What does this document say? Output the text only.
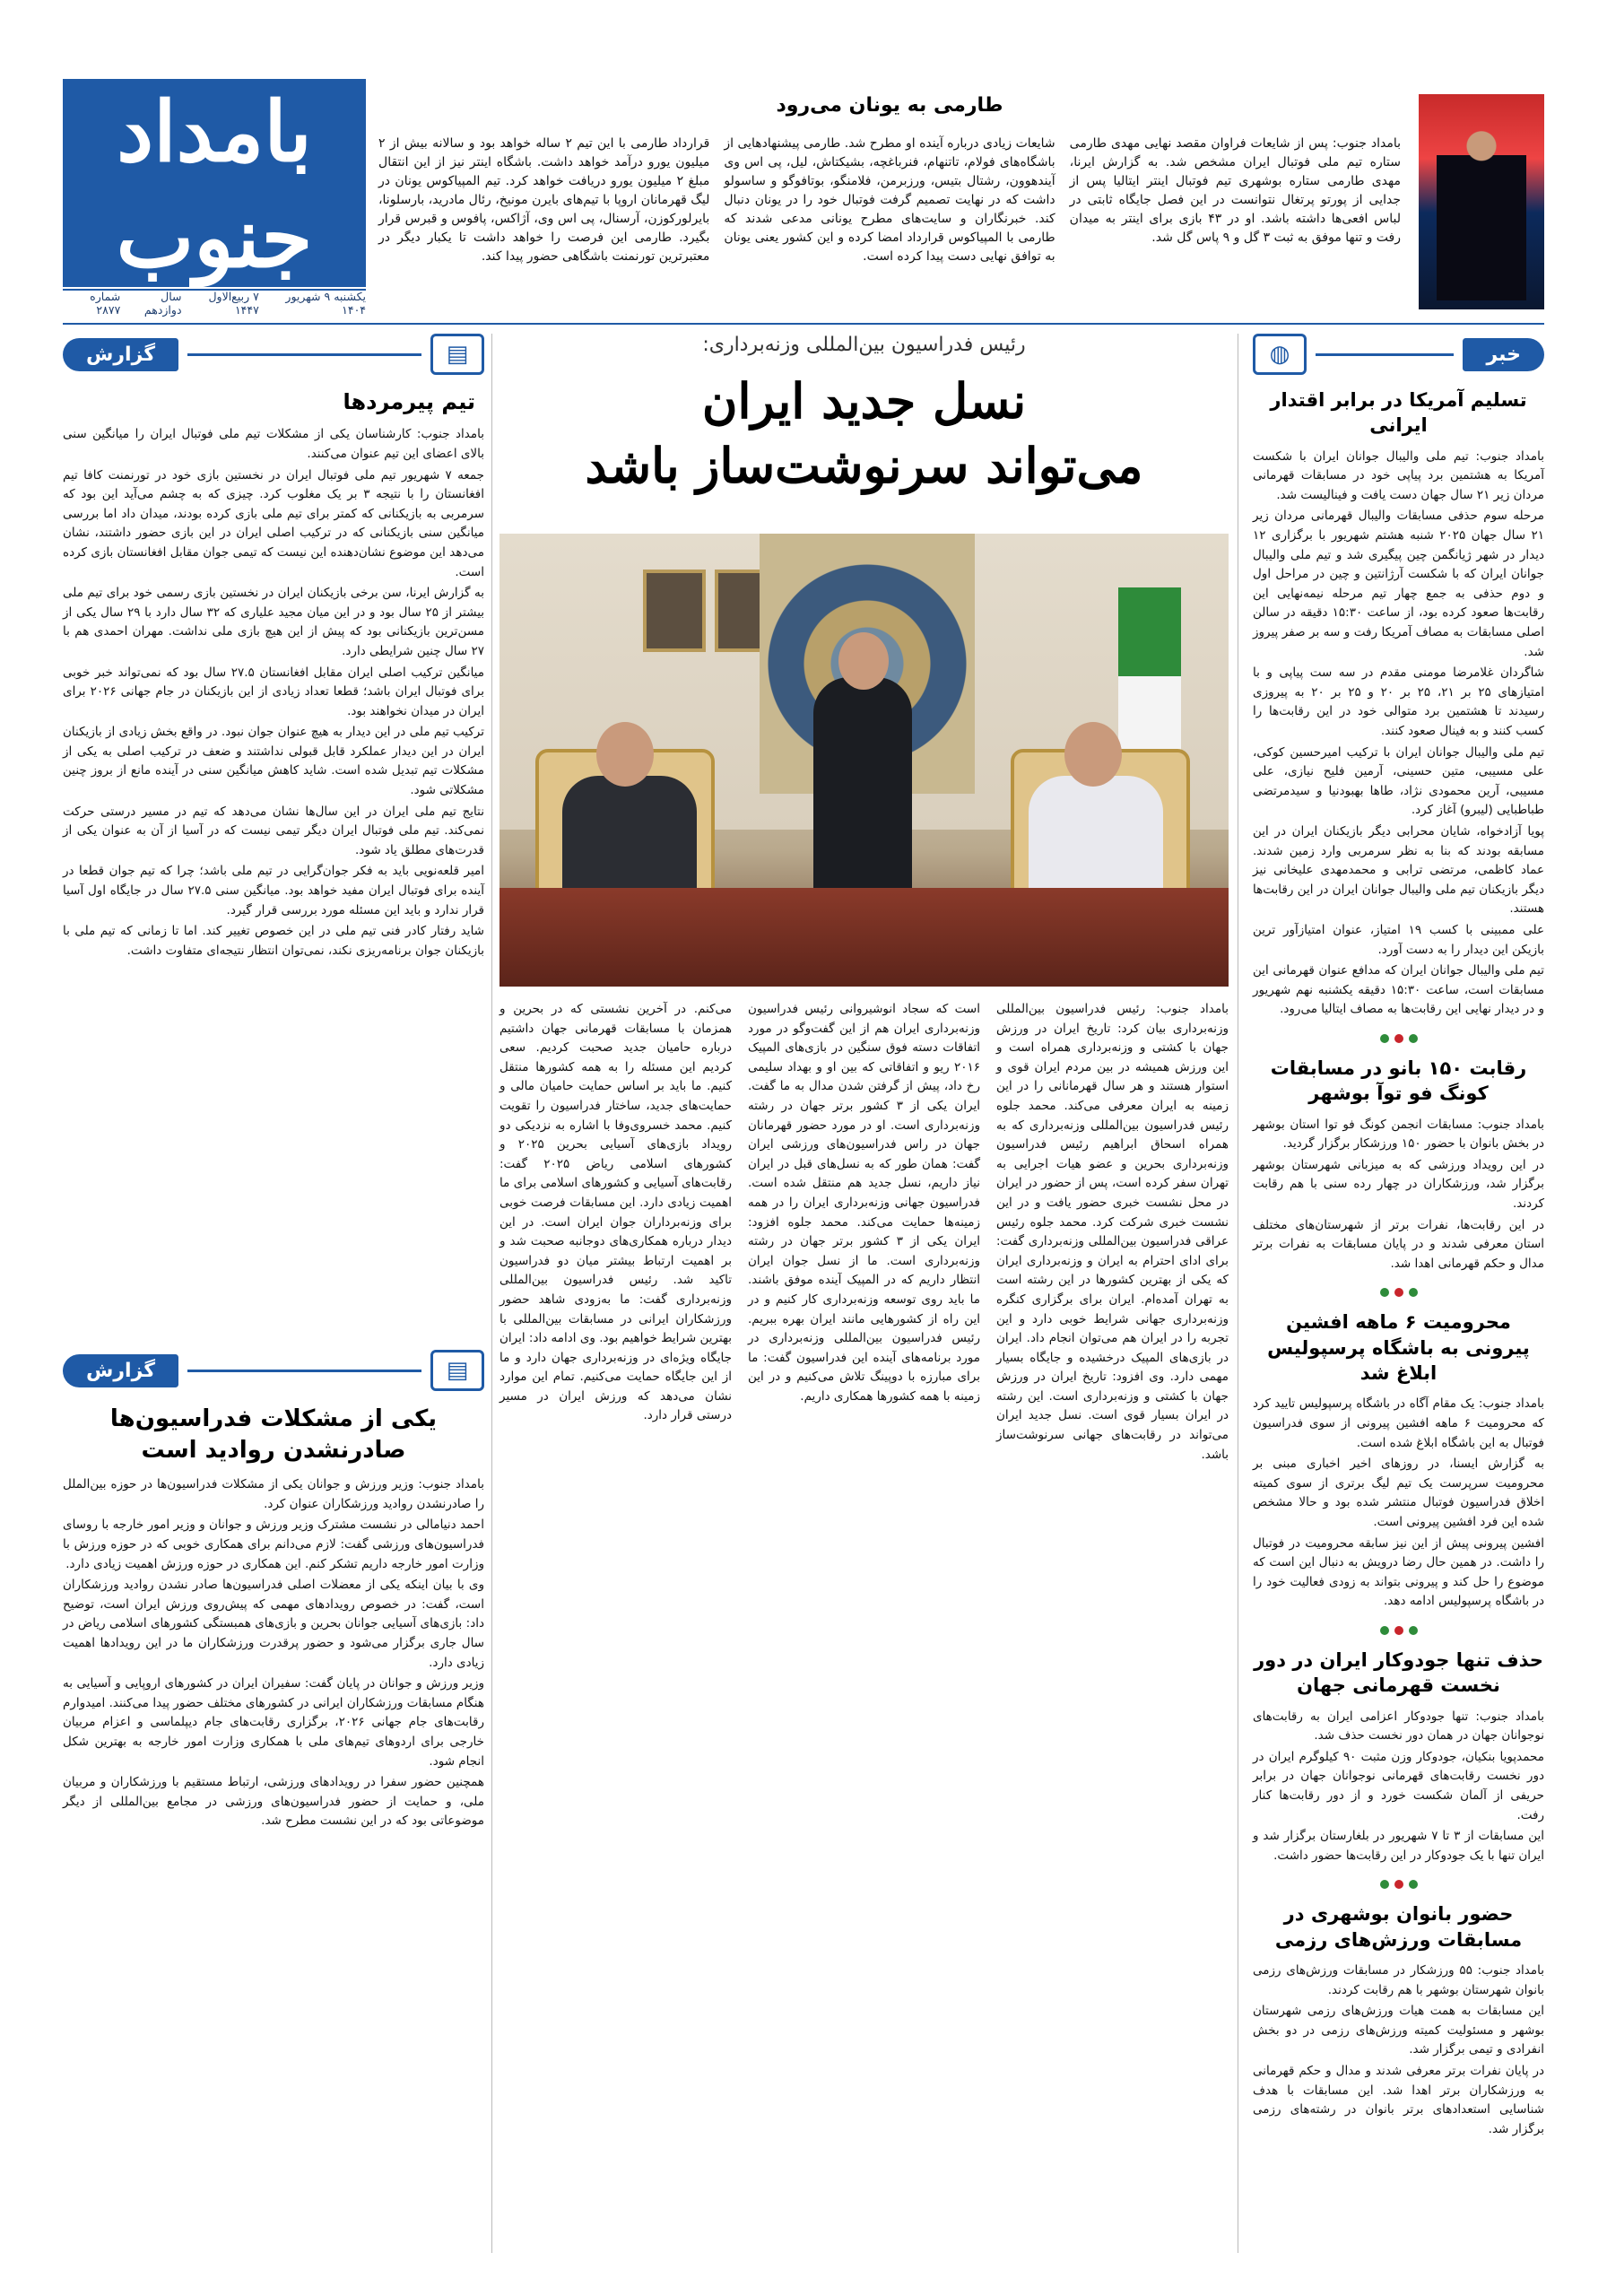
بامداد جنوب
یکشنبه ۹ شهریور ۱۴۰۴
۷ ربیع‌الاول ۱۴۴۷
سال دوازدهم
شماره ۲۸۷۷
طارمی به یونان می‌رود

بامداد جنوب: پس از شایعات فراوان مقصد نهایی مهدی طارمی ستاره تیم ملی فوتبال ایران مشخص شد. به گزارش ایرنا، مهدی طارمی ستاره بوشهری تیم فوتبال اینتر ایتالیا پس از جدایی از پورتو پرتغال نتوانست در این فصل جایگاه ثابتی در لباس افعی‌ها داشته باشد. او در ۴۳ بازی برای اینتر به میدان رفت و تنها موفق به ثبت ۳ گل و ۹ پاس گل شد.

شایعات زیادی درباره آینده او مطرح شد. طارمی پیشنهادهایی از باشگاه‌های فولام، تاتنهام، فنرباغچه، بشیکتاش، لیل، پی اس وی آیندهوون، رشتال بتیس، ورزبرمن، فلامنگو، بوتافوگو و ساسولو داشت که در نهایت تصمیم گرفت فوتبال خود را در یونان دنبال کند. خبرنگاران و سایت‌های مطرح یونانی مدعی شدند که طارمی با المپیاکوس قرارداد امضا کرده و این کشور یعنی یونان به توافق نهایی دست پیدا کرده است.

قرارداد طارمی با این تیم ۲ ساله خواهد بود و سالانه بیش از ۲ میلیون یورو درآمد خواهد داشت. باشگاه اینتر نیز از این انتقال مبلغ ۲ میلیون یورو دریافت خواهد کرد. تیم المپیاکوس یونان در لیگ قهرمانان اروپا با تیم‌های بایرن مونیخ، رئال مادرید، بارسلونا، بایرلورکوزن، آرسنال، پی اس وی، آژاکس، پافوس و قبرس قرار بگیرد. طارمی این فرصت را خواهد داشت تا یکبار دیگر در معتبرترین تورنمنت باشگاهی حضور پیدا کند.

خبر
◍
تسلیم آمریکا در برابر اقتدار ایرانی

بامداد جنوب: تیم ملی والیبال جوانان ایران با شکست آمریکا به هشتمین برد پیاپی خود در مسابقات قهرمانی مردان زیر ۲۱ سال جهان دست یافت و فینالیست شد.

مرحله سوم حذفی مسابقات والیبال قهرمانی مردان زیر ۲۱ سال جهان ۲۰۲۵ شنبه هشتم شهریور با برگزاری ۱۲ دیدار در شهر ژیانگمن چین پیگیری شد و تیم ملی والیبال جوانان ایران که با شکست آرژانتین و چین در مراحل اول و دوم حذفی به جمع چهار تیم مرحله نیمه‌نهایی این رقابت‌ها صعود کرده بود، از ساعت ۱۵:۳۰ دقیقه در سالن اصلی مسابقات به مصاف آمریکا رفت و سه بر صفر پیروز شد.

شاگردان غلامرضا مومنی مقدم در سه ست پیاپی و با امتیازهای ۲۵ بر ۲۱، ۲۵ بر ۲۰ و ۲۵ بر ۲۰ به پیروزی رسیدند تا هشتمین برد متوالی خود در این رقابت‌ها را کسب کنند و به فینال صعود کنند.

تیم ملی والیبال جوانان ایران با ترکیب امیرحسین کوکی، علی مسیبی، متین حسینی، آرمین فلیح نیازی، علی مسیبی، آرین محمودی نژاد، طاها بهبودنیا و سیدمرتضی طباطبایی (لیبرو) آغاز کرد.

پویا آزادخواه، شایان محرابی دیگر بازیکنان ایران در این مسابقه بودند که بنا به نظر سرمربی وارد زمین شدند. عماد کاظمی، مرتضی ترابی و محمدمهدی علیخانی نیز دیگر بازیکنان تیم ملی والیبال جوانان ایران در این رقابت‌ها هستند.

علی ممبینی با کسب ۱۹ امتیاز، عنوان امتیازآور ترین بازیکن این دیدار را به دست آورد.

تیم ملی والیبال جوانان ایران که مدافع عنوان قهرمانی این مسابقات است، ساعت ۱۵:۳۰ دقیقه یکشنبه نهم شهریور و در دیدار نهایی این رقابت‌ها به مصاف ایتالیا می‌رود.

رقابت ۱۵۰ بانو در مسابقات کونگ فو توآ بوشهر

بامداد جنوب: مسابقات انجمن کونگ فو توا استان بوشهر در بخش بانوان با حضور ۱۵۰ ورزشکار برگزار گردید.

در این رویداد ورزشی که به میزبانی شهرستان بوشهر برگزار شد، ورزشکاران در چهار رده سنی با هم رقابت کردند.

در این رقابت‌ها، نفرات برتر از شهرستان‌های مختلف استان معرفی شدند و در پایان مسابقات به نفرات برتر مدال و حکم قهرمانی اهدا شد.

محرومیت ۶ ماهه افشین پیرونی به باشگاه پرسپولیس ابلاغ شد

بامداد جنوب: یک مقام آگاه در باشگاه پرسپولیس تایید کرد که محرومیت ۶ ماهه افشین پیرونی از سوی فدراسیون فوتبال به این باشگاه ابلاغ شده است.

به گزارش ایسنا، در روزهای اخیر اخباری مبنی بر محرومیت سرپرست یک تیم لیگ برتری از سوی کمیته اخلاق فدراسیون فوتبال منتشر شده بود و حالا مشخص شده این فرد افشین پیرونی است.

افشین پیرونی پیش از این نیز سابقه محرومیت در فوتبال را داشت. در همین حال رضا درویش به دنبال این است که موضوع را حل کند و پیرونی بتواند به زودی فعالیت خود را در باشگاه پرسپولیس ادامه دهد.

حذف تنها جودوکار ایران در دور نخست قهرمانی جهان

بامداد جنوب: تنها جودوکار اعزامی ایران به رقابت‌های نوجوانان جهان در همان دور نخست حذف شد.

محمدپویا بنکیان، جودوکار وزن مثبت ۹۰ کیلوگرم ایران در دور نخست رقابت‌های قهرمانی نوجوانان جهان در برابر حریفی از آلمان شکست خورد و از دور رقابت‌ها کنار رفت.

این مسابقات از ۳ تا ۷ شهریور در بلغارستان برگزار شد و ایران تنها با یک جودوکار در این رقابت‌ها حضور داشت.

حضور بانوان بوشهری در مسابقات ورزش‌های رزمی

بامداد جنوب: ۵۵ ورزشکار در مسابقات ورزش‌های رزمی بانوان شهرستان بوشهر با هم رقابت کردند.

این مسابقات به همت هیات ورزش‌های رزمی شهرستان بوشهر و مسئولیت کمیته ورزش‌های رزمی در دو بخش انفرادی و تیمی برگزار شد.

در پایان نفرات برتر معرفی شدند و مدال و حکم قهرمانی به ورزشکاران برتر اهدا شد. این مسابقات با هدف شناسایی استعدادهای برتر بانوان در رشته‌های رزمی برگزار شد.

رئیس فدراسیون بین‌المللی وزنه‌برداری:
نسل جدید ایران
می‌تواند سرنوشت‌ساز باشد

بامداد جنوب: رئیس فدراسیون بین‌المللی وزنه‌برداری بیان کرد: تاریخ ایران در ورزش جهان با کشتی و وزنه‌برداری همراه است و این ورزش همیشه در بین مردم ایران قوی و استوار هستند و هر سال قهرمانانی را در این زمینه به ایران معرفی می‌کند. محمد جلوه رئیس فدراسیون بین‌المللی وزنه‌برداری که به همراه اسحاق ابراهیم رئیس فدراسیون وزنه‌برداری بحرین و عضو هیات اجرایی به تهران سفر کرده است، پس از حضور در ایران در محل نشست خبری حضور یافت و در این نشست خبری شرکت کرد. محمد جلوه رئیس عراقی فدراسیون بین‌المللی وزنه‌برداری گفت: برای ادای احترام به ایران و وزنه‌برداری ایران که یکی از بهترین کشورها در این رشته است به تهران آمده‌ام. ایران برای برگزاری کنگره وزنه‌برداری جهانی شرایط خوبی دارد و این تجربه را در ایران هم می‌توان انجام داد. ایران در بازی‌های المپیک درخشیده و جایگاه بسیار مهمی دارد. وی افزود: تاریخ ایران در ورزش جهان با کشتی و وزنه‌برداری است. این رشته در ایران بسیار قوی است. نسل جدید ایران می‌تواند در رقابت‌های جهانی سرنوشت‌ساز باشد.

است که سجاد انوشیروانی رئیس فدراسیون وزنه‌برداری ایران هم از این گفت‌وگو در مورد اتفاقات دسته فوق سنگین در بازی‌های المپیک ۲۰۱۶ ریو و اتفاقاتی که بین او و بهداد سلیمی رخ داد، پیش از گرفتن شدن مدال به ما گفت. ایران یکی از ۳ کشور برتر جهان در رشته وزنه‌برداری است. او در مورد حضور قهرمانان جهان در راس فدراسیون‌های ورزشی ایران گفت: همان طور که به نسل‌های قبل در ایران نیاز داریم، نسل جدید هم منتقل شده است. فدراسیون جهانی وزنه‌برداری ایران را در همه زمینه‌ها حمایت می‌کند. محمد جلوه افزود: ایران یکی از ۳ کشور برتر جهان در رشته وزنه‌برداری است. ما از نسل جوان ایران انتظار داریم که در المپیک آینده موفق باشند. ما باید روی توسعه وزنه‌برداری کار کنیم و در این راه از کشورهایی مانند ایران بهره ببریم. رئیس فدراسیون بین‌المللی وزنه‌برداری در مورد برنامه‌های آینده این فدراسیون گفت: ما برای مبارزه با دوپینگ تلاش می‌کنیم و در این زمینه با همه کشورها همکاری داریم.

می‌کنم. در آخرین نشستی که در بحرین و همزمان با مسابقات قهرمانی جهان داشتیم درباره حامیان جدید صحبت کردیم. سعی کردیم این مسئله را به همه کشورها منتقل کنیم. ما باید بر اساس حمایت حامیان مالی و حمایت‌های جدید، ساختار فدراسیون را تقویت کنیم. محمد خسروی‌وفا با اشاره به نزدیکی دو رویداد بازی‌های آسیایی بحرین ۲۰۲۵ و کشورهای اسلامی ریاض ۲۰۲۵ گفت: رقابت‌های آسیایی و کشورهای اسلامی برای ما اهمیت زیادی دارد. این مسابقات فرصت خوبی برای وزنه‌برداران جوان ایران است. در این دیدار درباره همکاری‌های دوجانبه صحبت شد و بر اهمیت ارتباط بیشتر میان دو فدراسیون تاکید شد. رئیس فدراسیون بین‌المللی وزنه‌برداری گفت: ما به‌زودی شاهد حضور ورزشکاران ایرانی در مسابقات بین‌المللی با بهترین شرایط خواهیم بود. وی ادامه داد: ایران جایگاه ویژه‌ای در وزنه‌برداری جهان دارد و ما از این جایگاه حمایت می‌کنیم. تمام این موارد نشان می‌دهد که ورزش ایران در مسیر درستی قرار دارد.

گزارش	▤
تیم پیرمردها

بامداد جنوب: کارشناسان یکی از مشکلات تیم ملی فوتبال ایران را میانگین سنی بالای اعضای این تیم عنوان می‌کنند.

جمعه ۷ شهریور تیم ملی فوتبال ایران در نخستین بازی خود در تورنمنت کافا تیم افغانستان را با نتیجه ۳ بر یک مغلوب کرد. چیزی که به چشم می‌آید این بود که سرمربی به بازیکنانی که کمتر برای تیم ملی بازی کرده بودند، میدان داد اما بررسی میانگین سنی بازیکنانی که در ترکیب اصلی ایران در این بازی حضور داشتند، نشان می‌دهد این موضوع نشان‌دهنده این نیست که تیمی جوان مقابل افغانستان بازی کرده است.

به گزارش ایرنا، سن برخی بازیکنان ایران در نخستین بازی رسمی خود برای تیم ملی بیشتر از ۲۵ سال بود و در این میان مجید علیاری که ۳۲ سال دارد با ۲۹ سال یکی از مسن‌ترین بازیکنانی بود که پیش از این هیچ بازی ملی نداشت. مهران احمدی هم با ۲۷ سال چنین شرایطی دارد.

میانگین ترکیب اصلی ایران مقابل افغانستان ۲۷.۵ سال بود که نمی‌تواند خبر خوبی برای فوتبال ایران باشد؛ قطعا تعداد زیادی از این بازیکنان در جام جهانی ۲۰۲۶ برای ایران در میدان نخواهند بود.

ترکیب تیم ملی در این دیدار به هیچ عنوان جوان نبود. در واقع بخش زیادی از بازیکنان ایران در این دیدار عملکرد قابل قبولی نداشتند و ضعف در ترکیب اصلی به یکی از مشکلات تیم تبدیل شده است. شاید کاهش میانگین سنی در آینده مانع از بروز چنین مشکلاتی شود.

نتایج تیم ملی ایران در این سال‌ها نشان می‌دهد که تیم در مسیر درستی حرکت نمی‌کند. تیم ملی فوتبال ایران دیگر تیمی نیست که در آسیا از آن به عنوان یکی از قدرت‌های مطلق یاد شود.

امیر قلعه‌نویی باید به فکر جوان‌گرایی در تیم ملی باشد؛ چرا که تیم جوان قطعا در آینده برای فوتبال ایران مفید خواهد بود. میانگین سنی ۲۷.۵ سال در جایگاه اول آسیا قرار ندارد و باید این مسئله مورد بررسی قرار گیرد.

شاید رفتار کادر فنی تیم ملی در این خصوص تغییر کند. اما تا زمانی که تیم ملی با بازیکنان جوان برنامه‌ریزی نکند، نمی‌توان انتظار نتیجه‌ای متفاوت داشت.

گزارش	▤
یکی از مشکلات فدراسیون‌ها صادرنشدن روادید است

بامداد جنوب: وزیر ورزش و جوانان یکی از مشکلات فدراسیون‌ها در حوزه بین‌الملل را صادرنشدن روادید ورزشکاران عنوان کرد.

احمد دنیامالی در نشست مشترک وزیر ورزش و جوانان و وزیر امور خارجه با روسای فدراسیون‌های ورزشی گفت: لازم می‌دانم برای همکاری خوبی که در حوزه ورزش با وزارت امور خارجه داریم تشکر کنم. این همکاری در حوزه ورزش اهمیت زیادی دارد.

وی با بیان اینکه یکی از معضلات اصلی فدراسیون‌ها صادر نشدن روادید ورزشکاران است، گفت: در خصوص رویدادهای مهمی که پیش‌روی ورزش ایران است، توضیح داد: بازی‌های آسیایی جوانان بحرین و بازی‌های همبستگی کشورهای اسلامی ریاض در سال جاری برگزار می‌شود و حضور پرقدرت ورزشکاران ما در این رویدادها اهمیت زیادی دارد.

وزیر ورزش و جوانان در پایان گفت: سفیران ایران در کشورهای اروپایی و آسیایی به هنگام مسابقات ورزشکاران ایرانی در کشورهای مختلف حضور پیدا می‌کنند. امیدوارم رقابت‌های جام جهانی ۲۰۲۶، برگزاری رقابت‌های جام دیپلماسی و اعزام مربیان خارجی برای اردوهای تیم‌های ملی با همکاری وزارت امور خارجه به بهترین شکل انجام شود.

همچنین حضور سفرا در رویدادهای ورزشی، ارتباط مستقیم با ورزشکاران و مربیان ملی، و حمایت از حضور فدراسیون‌های ورزشی در مجامع بین‌المللی از دیگر موضوعاتی بود که در این نشست مطرح شد.
